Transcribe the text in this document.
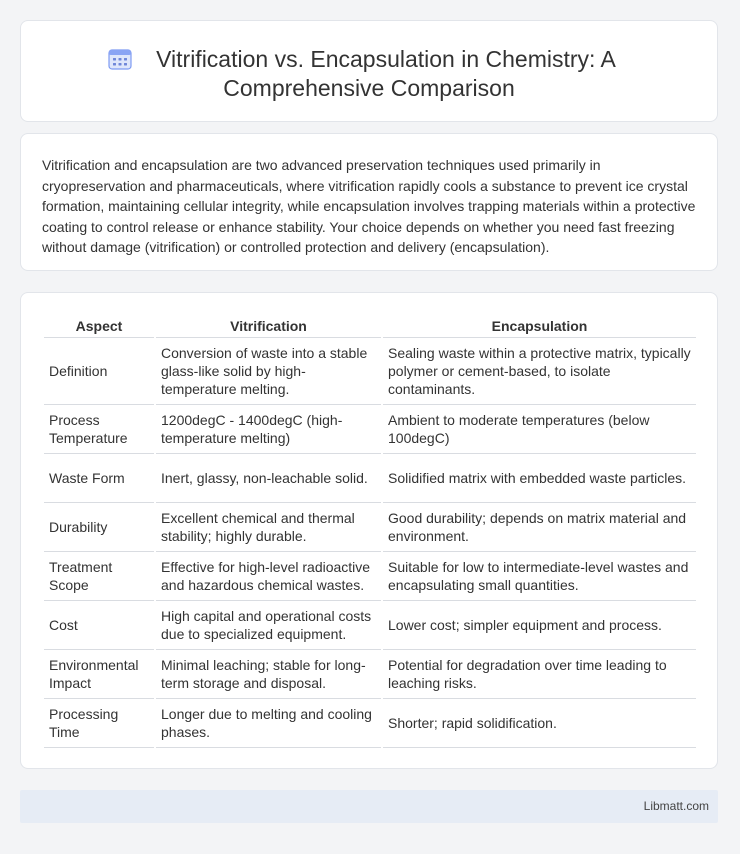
Vitrification vs. Encapsulation in Chemistry: A
Comprehensive Comparison
Vitrification and encapsulation are two advanced preservation techniques used primarily in cryopreservation and pharmaceuticals, where vitrification rapidly cools a substance to prevent ice crystal formation, maintaining cellular integrity, while encapsulation involves trapping materials within a protective coating to control release or enhance stability. Your choice depends on whether you need fast freezing without damage (vitrification) or controlled protection and delivery (encapsulation).
Aspect	Vitrification	Encapsulation
Definition	Conversion of waste into a stable glass-like solid by high-temperature melting.	Sealing waste within a protective matrix, typically polymer or cement-based, to isolate contaminants.
Process Temperature	1200degC - 1400degC (high-temperature melting)	Ambient to moderate temperatures (below 100degC)
Waste Form	Inert, glassy, non-leachable solid.	Solidified matrix with embedded waste particles.
Durability	Excellent chemical and thermal stability; highly durable.	Good durability; depends on matrix material and environment.
Treatment Scope	Effective for high-level radioactive and hazardous chemical wastes.	Suitable for low to intermediate-level wastes and encapsulating small quantities.
Cost	High capital and operational costs due to specialized equipment.	Lower cost; simpler equipment and process.
Environmental Impact	Minimal leaching; stable for long-term storage and disposal.	Potential for degradation over time leading to leaching risks.
Processing Time	Longer due to melting and cooling phases.	Shorter; rapid solidification.
Libmatt.com
